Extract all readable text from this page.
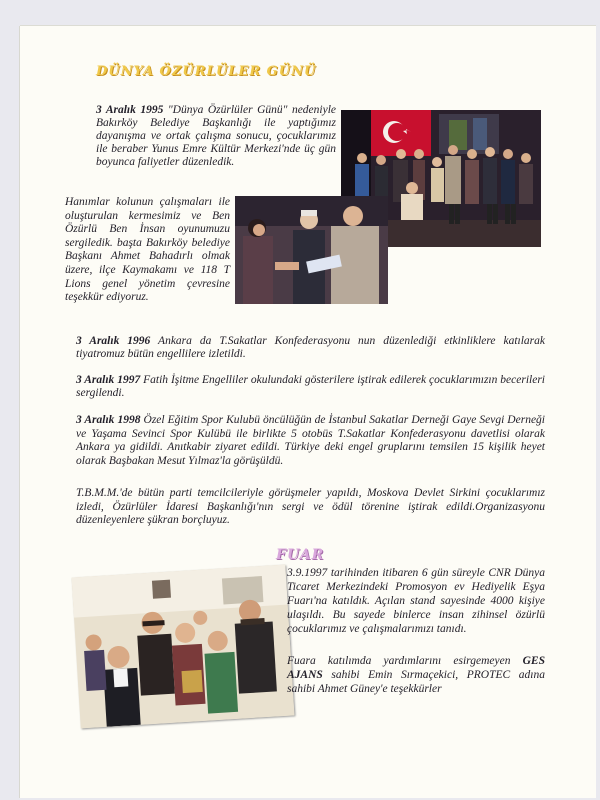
DÜNYA ÖZÜRLÜLER GÜNÜ
FUAR

3 Aralık 1995 "Dünya Özürlüler Günü" nedeniyle Bakırköy Belediye Başkanlığı ile yaptığımız dayanışma ve ortak çalışma sonucu, çocuklarımız ile beraber Yunus Emre Kültür Merkezi'nde üç gün boyunca faliyetler düzenledik.

Hanımlar kolunun çalışmaları ile oluşturulan kermesimiz ve Ben Özürlü Ben İnsan oyunumuzu sergiledik. başta Bakırköy belediye Başkanı Ahmet Bahadırlı olmak üzere, ilçe Kaymakamı ve 118 T Lions genel yönetim çevresine teşekkür ediyoruz.

3 Aralık 1996 Ankara da T.Sakatlar Konfederasyonu nun düzenlediği etkinliklere katılarak tiyatromuz bütün engellilere izletildi.

3 Aralık 1997 Fatih İşitme Engelliler okulundaki gösterilere iştirak edilerek çocuklarımızın becerileri sergilendi.

3 Aralık 1998 Özel Eğitim Spor Kulubü öncülüğün de İstanbul Sakatlar Derneği Gaye Sevgi Derneği ve Yaşama Sevinci Spor Kulübü ile birlikte 5 otobüs T.Sakatlar Konfederasyonu davetlisi olarak Ankara ya gidildi. Anıtkabir ziyaret edildi. Türkiye deki engel gruplarını temsilen 15 kişilik heyet olarak Başbakan Mesut Yılmaz'la görüşüldü.

T.B.M.M.'de bütün parti temcilcileriyle görüşmeler yapıldı, Moskova Devlet Sirkini çocuklarımız izledi, Özürlüler İdaresi Başkanlığı'nın sergi ve ödül törenine iştirak edildi.Organizasyonu düzenleyenlere şükran borçluyuz.

3.9.1997 tarihinden itibaren 6 gün süreyle CNR Dünya Ticaret Merkezindeki Promosyon ev Hediyelik Eşya Fuarı'na katıldık. Açılan stand sayesinde 4000 kişiye ulaşıldı. Bu sayede binlerce insan zihinsel özürlü çocuklarımız ve çalışmalarımızı tanıdı.

Fuara katılımda yardımlarını esirgemeyen GES AJANS sahibi Emin Sırmaçekici, PROTEC adına sahibi Ahmet Güney'e teşekkürler
